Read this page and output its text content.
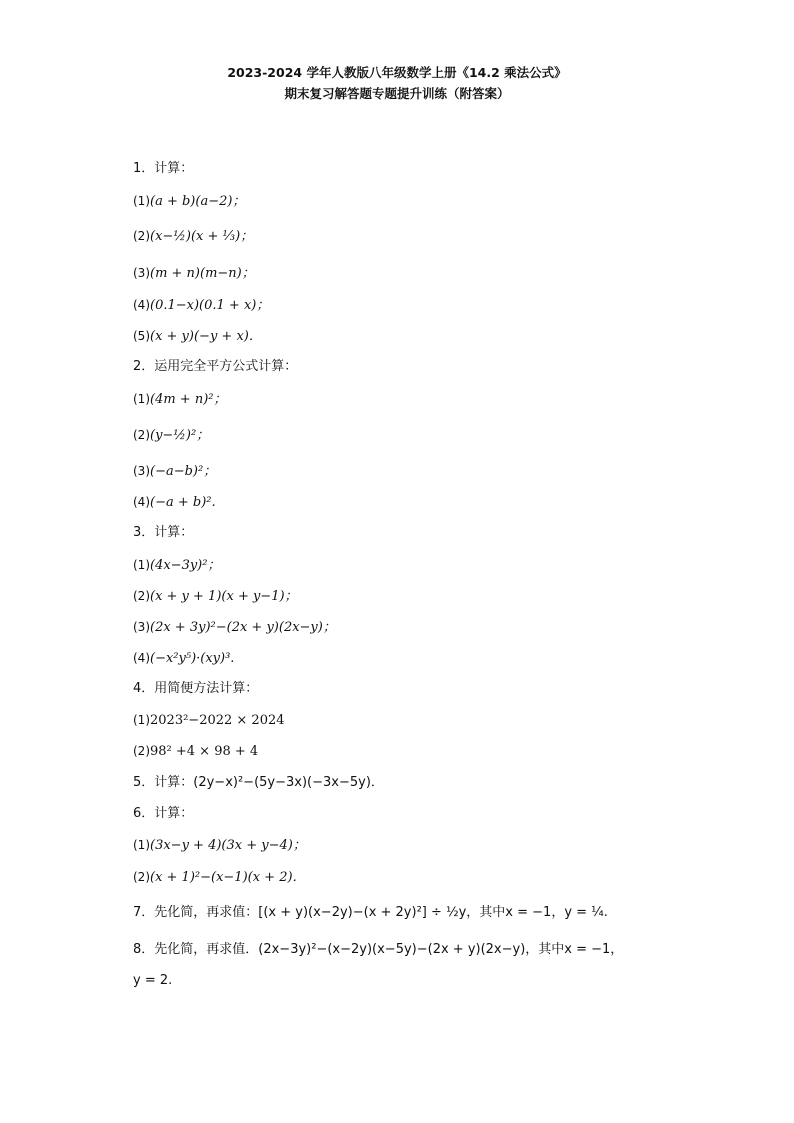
2023-2024 学年人教版八年级数学上册《14.2 乘法公式》
期末复习解答题专题提升训练（附答案）
1．计算：
(1)(a + b)(a−2)；
(2)(x−½)(x + ⅓)；
(3)(m + n)(m−n)；
(4)(0.1−x)(0.1 + x)；
(5)(x + y)(−y + x)．
2．运用完全平方公式计算：
(1)(4m + n)²；
(2)(y−½)²；
(3)(−a−b)²；
(4)(−a + b)².
3．计算：
(1)(4x−3y)²；
(2)(x + y + 1)(x + y−1)；
(3)(2x + 3y)²−(2x + y)(2x−y)；
(4)(−x²y⁵)·(xy)³.
4．用简便方法计算：
(1)2023²−2022 × 2024
(2)98² +4 × 98 + 4
5．计算：(2y−x)²−(5y−3x)(−3x−5y)．
6．计算：
(1)(3x−y + 4)(3x + y−4)；
(2)(x + 1)²−(x−1)(x + 2)．
7．先化简，再求值：[(x + y)(x−2y)−(x + 2y)²] ÷ ½y，其中x = −1，y = ¼.
8．先化简，再求值．(2x−3y)²−(x−2y)(x−5y)−(2x + y)(2x−y)，其中x = −1，
y = 2.
